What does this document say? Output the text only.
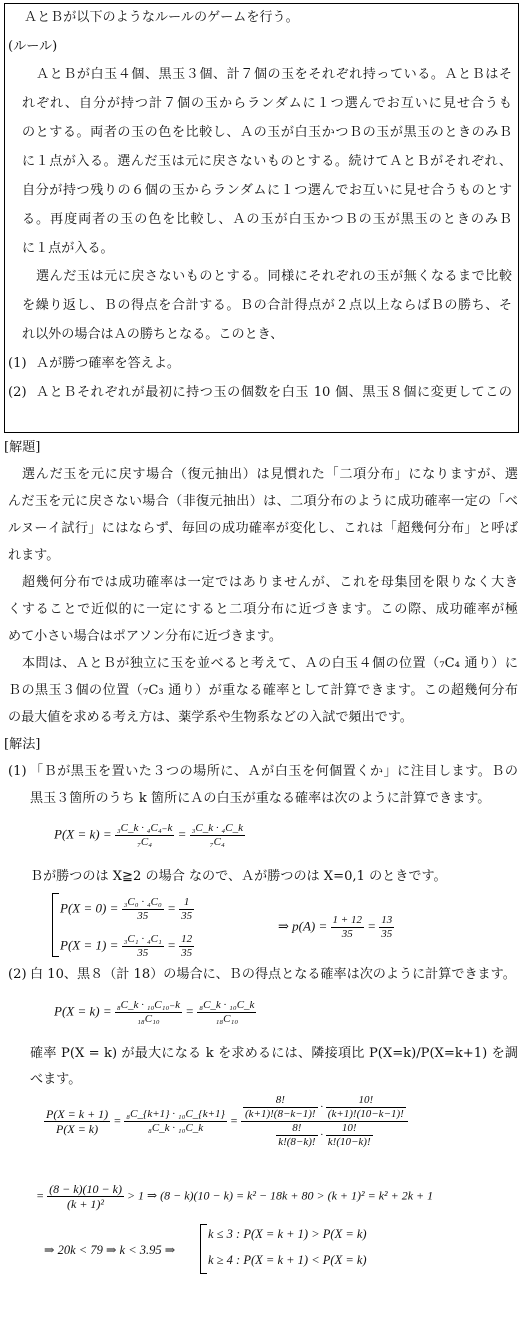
ＡとＢが以下のようなルールのゲームを行う。
(ルール)
ＡとＢが白玉４個、黒玉３個、計７個の玉をそれぞれ持っている。ＡとＢはそ
れぞれ、自分が持つ計７個の玉からランダムに１つ選んでお互いに見せ合うも
のとする。両者の玉の色を比較し、Ａの玉が白玉かつＢの玉が黒玉のときのみＢ
に１点が入る。選んだ玉は元に戻さないものとする。続けてＡとＢがそれぞれ、
自分が持つ残りの６個の玉からランダムに１つ選んでお互いに見せ合うものとす
る。再度両者の玉の色を比較し、Ａの玉が白玉かつＢの玉が黒玉のときのみＢ
に１点が入る。
選んだ玉は元に戻さないものとする。同様にそれぞれの玉が無くなるまで比較
を繰り返し、Ｂの得点を合計する。Ｂの合計得点が２点以上ならばＢの勝ち、そ
れ以外の場合はＡの勝ちとなる。このとき、
(1) Ａが勝つ確率を答えよ。
(2) ＡとＢそれぞれが最初に持つ玉の個数を白玉 10 個、黒玉８個に変更してこの
[解題]
選んだ玉を元に戻す場合（復元抽出）は見慣れた「二項分布」になりますが、選
んだ玉を元に戻さない場合（非復元抽出）は、二項分布のように成功確率一定の「ベ
ルヌーイ試行」にはならず、毎回の成功確率が変化し、これは「超幾何分布」と呼ば
れます。
超幾何分布では成功確率は一定ではありませんが、これを母集団を限りなく大き
くすることで近似的に一定にすると二項分布に近づきます。この際、成功確率が極
めて小さい場合はポアソン分布に近づきます。
本問は、ＡとＢが独立に玉を並べると考えて、Ａの白玉４個の位置（₇C₄ 通り）に
Ｂの黒玉３個の位置（₇C₃ 通り）が重なる確率として計算できます。この超幾何分布
の最大値を求める考え方は、薬学系や生物系などの入試で頻出です。
[解法]
(1) 「Ｂが黒玉を置いた３つの場所に、Ａが白玉を何個置くか」に注目します。Ｂの
黒玉３箇所のうち k 箇所にＡの白玉が重なる確率は次のように計算できます。
$P(X = k) = \frac{\text{₃C\_k · ₄C₄₋k}}{\text{₇C₄}} = \frac{\text{₃C\_k · ₄C\_k}}{\text{₇C₄}}$
Ｂが勝つのは X≧2 の場合 なので、Ａが勝つのは X=0,1 のときです。
$P(X = 0) = \frac{\text{₃C₀ · ₄C₀}}{35} = \frac{1}{35}$
$P(X = 1) = \frac{\text{₃C₁ · ₄C₁}}{35} = \frac{12}{35}$
⇒ $p(A) = \frac{1 + 12}{35} = \frac{13}{35}$
(2) 白 10、黒８（計 18）の場合に、Ｂの得点となる確率は次のように計算できます。
$P(X = k) = \frac{\text{₈C\_k · ₁₀C₁₀₋k}}{\text{₁₈C₁₀}} = \frac{\text{₈C\_k · ₁₀C\_k}}{\text{₁₈C₁₀}}$
確率 P(X = k) が最大になる k を求めるには、隣接項比 P(X=k)/P(X=k+1) を調
べます。
$\frac{P(X = k + 1)}{P(X = k)} = \frac{\text{₈C\_\{k+1\} · ₁₀C\_\{k+1\}}}{\text{₈C\_k · ₁₀C\_k}} = \frac{\frac{8!}{(k+1)!(8-k-1)!} \cdot \frac{10!}{(k+1)!(10-k-1)!}}{\frac{8!}{k!(8-k)!} \cdot \frac{10!}{k!(10-k)!}}$
= $\frac{(8 - k)(10 - k)}{\text{(k + 1)²}} > 1$ ⇒ (8 − k)(10 − k) = k² − 18k + 80 > (k + 1)² = k² + 2k + 1
⇒ 20k < 79 ⇒ k < 3.95 ⇒
k ≤ 3 : P(X = k + 1) > P(X = k)
k ≥ 4 : P(X = k + 1) < P(X = k)
